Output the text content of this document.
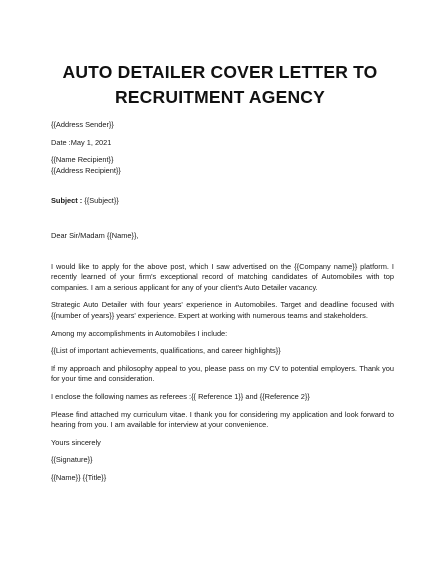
AUTO DETAILER COVER LETTER TO
RECRUITMENT AGENCY

{{Address Sender}}

Date :May 1, 2021

{{Name Recipient}}

{{Address Recipient}}

Subject : {{Subject}}

Dear Sir/Madam {{Name}},

I would like to apply for the above post, which I saw advertised on the {{Company name}} platform. I recently learned of your firm's exceptional record of matching candidates of Automobiles with top companies. I am a serious applicant for any of your client's Auto Detailer vacancy.

Strategic Auto Detailer with four years' experience in Automobiles. Target and deadline focused with {{number of years}} years' experience. Expert at working with numerous teams and stakeholders.

Among my accomplishments in Automobiles I include:

{{List of important achievements, qualifications, and career highlights}}

If my approach and philosophy appeal to you, please pass on my CV to potential employers. Thank you for your time and consideration.

I enclose the following names as referees :{{ Reference 1}} and {{Reference 2}}

Please find attached my curriculum vitae. I thank you for considering my application and look forward to hearing from you. I am available for interview at your convenience.

Yours sincerely

{{Signature}}

{{Name}} {{Title}}
